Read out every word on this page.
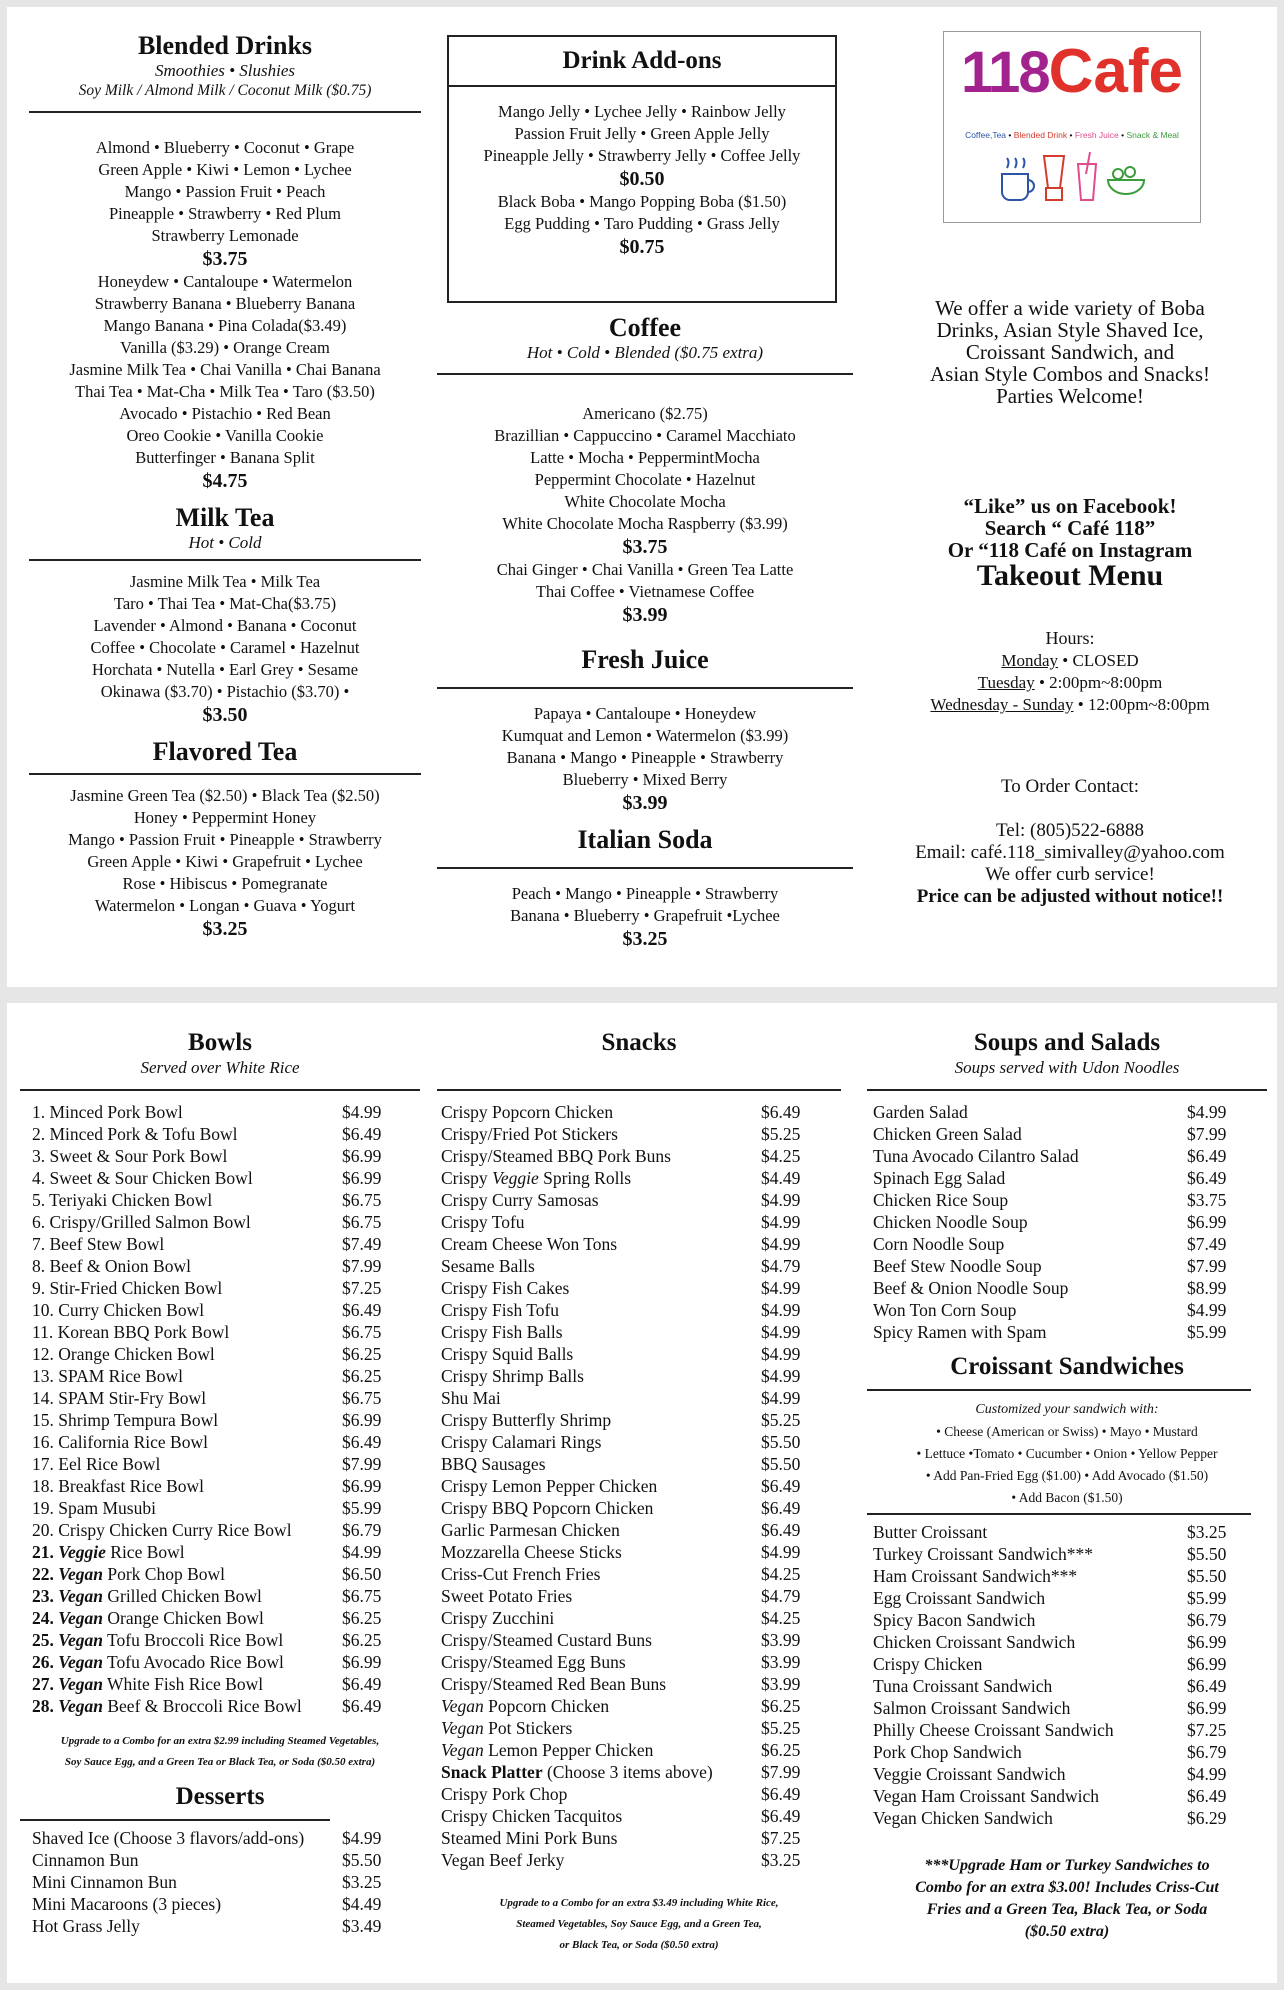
Blended Drinks
Smoothies • Slushies
Soy Milk / Almond Milk / Coconut Milk ($0.75)
Almond • Blueberry • Coconut • Grape
Green Apple • Kiwi • Lemon • Lychee
Mango • Passion Fruit • Peach
Pineapple • Strawberry • Red Plum
Strawberry Lemonade
$3.75
Honeydew • Cantaloupe • Watermelon
Strawberry Banana • Blueberry Banana
Mango Banana • Pina Colada($3.49)
Vanilla ($3.29) • Orange Cream
Jasmine Milk Tea • Chai Vanilla • Chai Banana
Thai Tea • Mat-Cha • Milk Tea • Taro ($3.50)
Avocado • Pistachio • Red Bean
Oreo Cookie • Vanilla Cookie
Butterfinger • Banana Split
$4.75
Milk Tea
Hot • Cold
Jasmine Milk Tea • Milk Tea
Taro • Thai Tea • Mat-Cha($3.75)
Lavender • Almond • Banana • Coconut
Coffee • Chocolate • Caramel • Hazelnut
Horchata • Nutella • Earl Grey • Sesame
Okinawa ($3.70) • Pistachio ($3.70) •
$3.50
Flavored Tea
Jasmine Green Tea ($2.50) • Black Tea ($2.50)
Honey • Peppermint Honey
Mango • Passion Fruit • Pineapple • Strawberry
Green Apple • Kiwi • Grapefruit • Lychee
Rose • Hibiscus • Pomegranate
Watermelon • Longan • Guava • Yogurt
$3.25
Drink Add-ons
Mango Jelly • Lychee Jelly • Rainbow Jelly
Passion Fruit Jelly • Green Apple Jelly
Pineapple Jelly • Strawberry Jelly • Coffee Jelly
$0.50
Black Boba • Mango Popping Boba ($1.50)
Egg Pudding • Taro Pudding • Grass Jelly
$0.75
Coffee
Hot • Cold • Blended ($0.75 extra)
Americano ($2.75)
Brazillian • Cappuccino • Caramel Macchiato
Latte • Mocha • PeppermintMocha
Peppermint Chocolate • Hazelnut
White Chocolate Mocha
White Chocolate Mocha Raspberry ($3.99)
$3.75
Chai Ginger • Chai Vanilla • Green Tea Latte
Thai Coffee • Vietnamese Coffee
$3.99
Fresh Juice
Papaya • Cantaloupe • Honeydew
Kumquat and Lemon • Watermelon ($3.99)
Banana • Mango • Pineapple • Strawberry
Blueberry • Mixed Berry
$3.99
Italian Soda
Peach • Mango • Pineapple • Strawberry
Banana • Blueberry • Grapefruit •Lychee
$3.25
118Cafe
Coffee,Tea • Blended Drink • Fresh Juice • Snack & Meal
We offer a wide variety of Boba
Drinks, Asian Style Shaved Ice,
Croissant Sandwich, and
Asian Style Combos and Snacks!
Parties Welcome!
“Like” us on Facebook!
Search “ Café 118”
Or “118 Café on Instagram
Takeout Menu
Hours:
Monday • CLOSED
Tuesday • 2:00pm~8:00pm
Wednesday - Sunday • 12:00pm~8:00pm
To Order Contact:
Tel: (805)522-6888
Email: café.118_simivalley@yahoo.com
We offer curb service!
Price can be adjusted without notice!!
Bowls
Served over White Rice
1. Minced Pork Bowl	$4.99
2. Minced Pork & Tofu Bowl	$6.49
3. Sweet & Sour Pork Bowl	$6.99
4. Sweet & Sour Chicken Bowl	$6.99
5. Teriyaki Chicken Bowl	$6.75
6. Crispy/Grilled Salmon Bowl	$6.75
7. Beef Stew Bowl	$7.49
8. Beef & Onion Bowl	$7.99
9. Stir-Fried Chicken Bowl	$7.25
10. Curry Chicken Bowl	$6.49
11. Korean BBQ Pork Bowl	$6.75
12. Orange Chicken Bowl	$6.25
13. SPAM Rice Bowl	$6.25
14. SPAM Stir-Fry Bowl	$6.75
15. Shrimp Tempura Bowl	$6.99
16. California Rice Bowl	$6.49
17. Eel Rice Bowl	$7.99
18. Breakfast Rice Bowl	$6.99
19. Spam Musubi	$5.99
20. Crispy Chicken Curry Rice Bowl	$6.79
21. Veggie Rice Bowl	$4.99
22. Vegan Pork Chop Bowl	$6.50
23. Vegan Grilled Chicken Bowl	$6.75
24. Vegan Orange Chicken Bowl	$6.25
25. Vegan Tofu Broccoli Rice Bowl	$6.25
26. Vegan Tofu Avocado Rice Bowl	$6.99
27. Vegan White Fish Rice Bowl	$6.49
28. Vegan Beef & Broccoli Rice Bowl $6.49
Upgrade to a Combo for an extra $2.99 including Steamed Vegetables,
Soy Sauce Egg, and a Green Tea or Black Tea, or Soda ($0.50 extra)
Desserts
Shaved Ice (Choose 3 flavors/add-ons) $4.99
Cinnamon Bun	$5.50
Mini Cinnamon Bun	$3.25
Mini Macaroons (3 pieces)	$4.49
Hot Grass Jelly	$3.49
Snacks
Crispy Popcorn Chicken	$6.49
Crispy/Fried Pot Stickers	$5.25
Crispy/Steamed BBQ Pork Buns	$4.25
Crispy Veggie Spring Rolls	$4.49
Crispy Curry Samosas	$4.99
Crispy Tofu	$4.99
Cream Cheese Won Tons	$4.99
Sesame Balls	$4.79
Crispy Fish Cakes	$4.99
Crispy Fish Tofu	$4.99
Crispy Fish Balls	$4.99
Crispy Squid Balls	$4.99
Crispy Shrimp Balls	$4.99
Shu Mai	$4.99
Crispy Butterfly Shrimp	$5.25
Crispy Calamari Rings	$5.50
BBQ Sausages	$5.50
Crispy Lemon Pepper Chicken	$6.49
Crispy BBQ Popcorn Chicken	$6.49
Garlic Parmesan Chicken	$6.49
Mozzarella Cheese Sticks	$4.99
Criss-Cut French Fries	$4.25
Sweet Potato Fries	$4.79
Crispy Zucchini	$4.25
Crispy/Steamed Custard Buns	$3.99
Crispy/Steamed Egg Buns	$3.99
Crispy/Steamed Red Bean Buns	$3.99
Vegan Popcorn Chicken	$6.25
Vegan Pot Stickers	$5.25
Vegan Lemon Pepper Chicken	$6.25
Snack Platter (Choose 3 items above)	$7.99
Crispy Pork Chop	$6.49
Crispy Chicken Tacquitos	$6.49
Steamed Mini Pork Buns	$7.25
Vegan Beef Jerky	$3.25
Upgrade to a Combo for an extra $3.49 including White Rice,
Steamed Vegetables, Soy Sauce Egg, and a Green Tea,
or Black Tea, or Soda ($0.50 extra)
Soups and Salads
Soups served with Udon Noodles
Garden Salad	$4.99
Chicken Green Salad	$7.99
Tuna Avocado Cilantro Salad	$6.49
Spinach Egg Salad	$6.49
Chicken Rice Soup	$3.75
Chicken Noodle Soup	$6.99
Corn Noodle Soup	$7.49
Beef Stew Noodle Soup	$7.99
Beef & Onion Noodle Soup	$8.99
Won Ton Corn Soup	$4.99
Spicy Ramen with Spam	$5.99
Croissant Sandwiches
Customized your sandwich with:
• Cheese (American or Swiss) • Mayo • Mustard
• Lettuce •Tomato • Cucumber • Onion • Yellow Pepper
• Add Pan-Fried Egg ($1.00) • Add Avocado ($1.50)
• Add Bacon ($1.50)
Butter Croissant	$3.25
Turkey Croissant Sandwich***	$5.50
Ham Croissant Sandwich***	$5.50
Egg Croissant Sandwich	$5.99
Spicy Bacon Sandwich	$6.79
Chicken Croissant Sandwich	$6.99
Crispy Chicken	$6.99
Tuna Croissant Sandwich	$6.49
Salmon Croissant Sandwich	$6.99
Philly Cheese Croissant Sandwich	$7.25
Pork Chop Sandwich	$6.79
Veggie Croissant Sandwich	$4.99
Vegan Ham Croissant Sandwich	$6.49
Vegan Chicken Sandwich	$6.29
***Upgrade Ham or Turkey Sandwiches to
Combo for an extra $3.00! Includes Criss-Cut
Fries and a Green Tea, Black Tea, or Soda
($0.50 extra)
